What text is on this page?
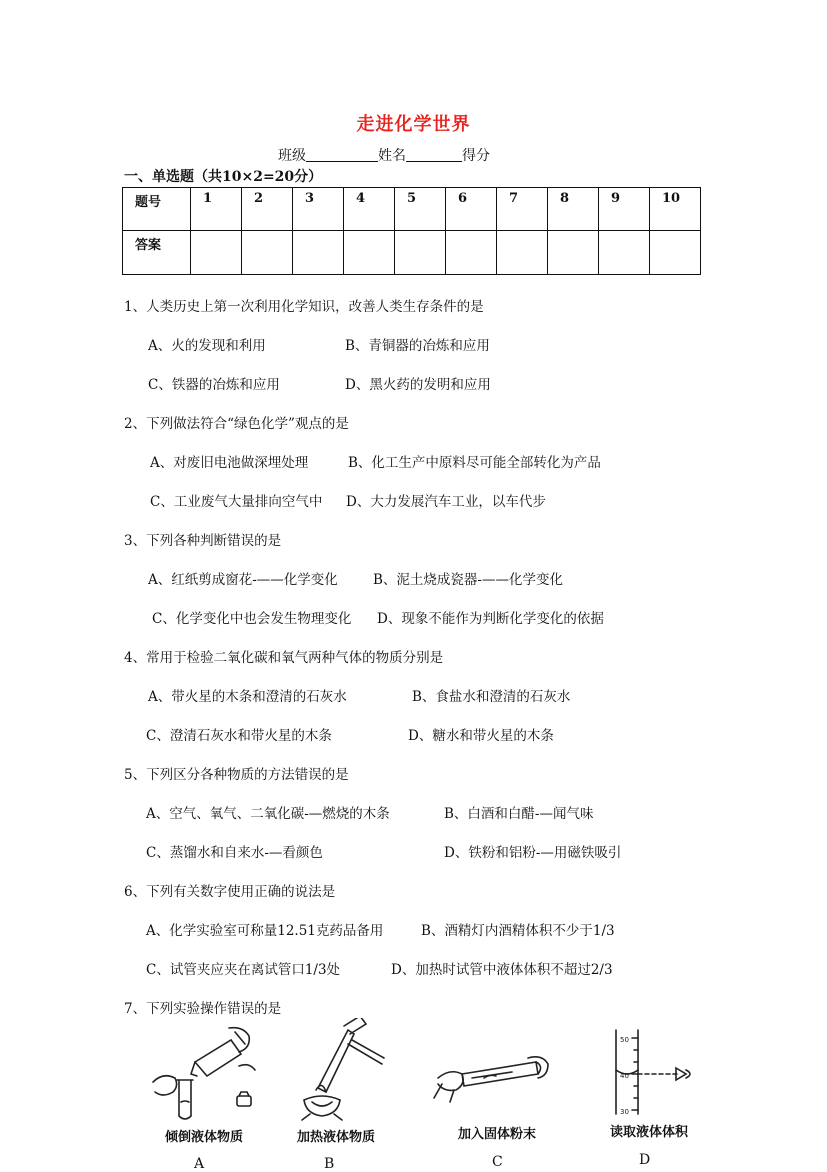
走进化学世界
班级	姓名	得分
一、单选题（共10×2=20分）
题号	1	2	3	4	5	6	7	8	9	10
答案										
1、人类历史上第一次利用化学知识，改善人类生存条件的是
A、火的发现和利用	B、青铜器的冶炼和应用
C、铁器的冶炼和应用	D、黑火药的发明和应用
2、下列做法符合“绿色化学”观点的是
A、对废旧电池做深埋处理	B、化工生产中原料尽可能全部转化为产品
C、工业废气大量排向空气中 D、大力发展汽车工业，以车代步
3、下列各种判断错误的是
A、红纸剪成窗花-——化学变化	B、泥土烧成瓷器-——化学变化
C、化学变化中也会发生物理变化 D、现象不能作为判断化学变化的依据
4、常用于检验二氧化碳和氧气两种气体的物质分别是
A、带火星的木条和澄清的石灰水	B、食盐水和澄清的石灰水
C、澄清石灰水和带火星的木条	D、糖水和带火星的木条
5、下列区分各种物质的方法错误的是
A、空气、氧气、二氧化碳-—燃烧的木条	B、白酒和白醋-—闻气味
C、蒸馏水和自来水-—看颜色	D、铁粉和铝粉-—用磁铁吸引
6、下列有关数字使用正确的说法是
A、化学实验室可称量12.51克药品备用	B、酒精灯内酒精体积不少于1/3
C、试管夹应夹在离试管口1/3处	D、加热时试管中液体体积不超过2/3
7、下列实验操作错误的是
倾倒液体物质
A
加热液体物质
B
加入固体粉末
C
50
40
30
读取液体体积
D
